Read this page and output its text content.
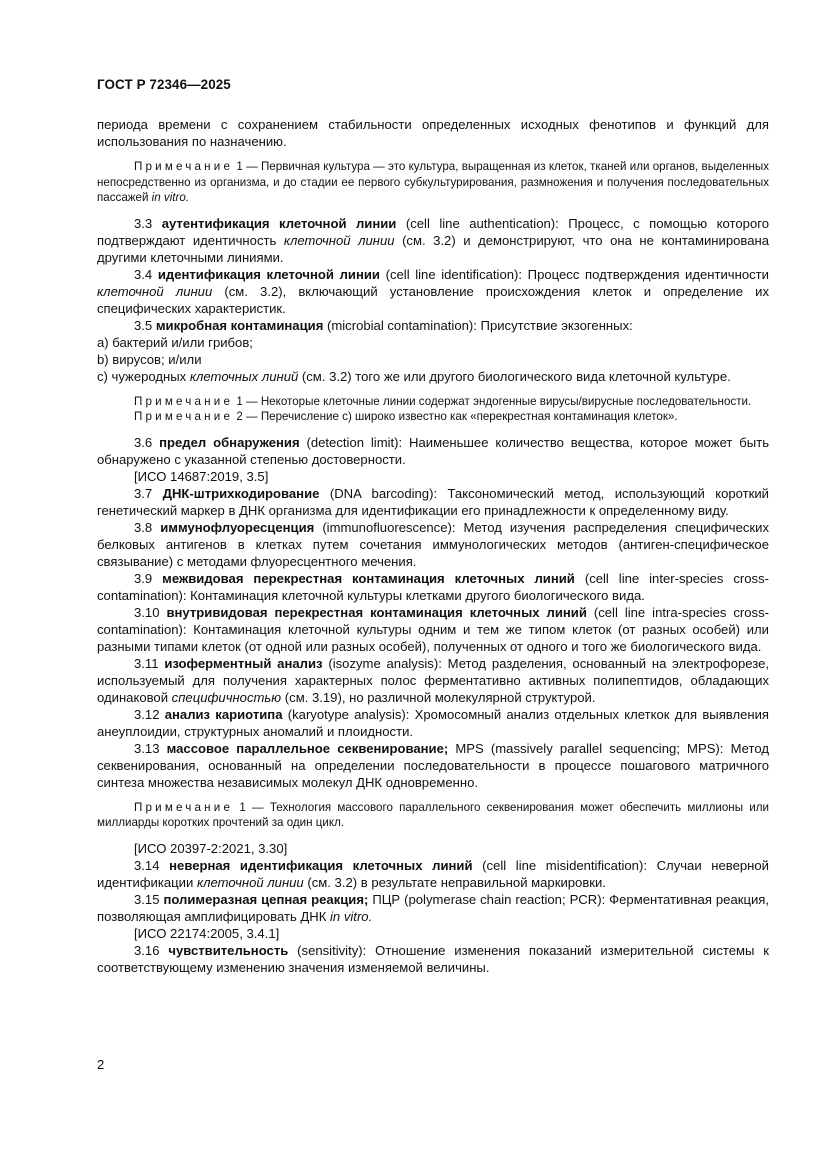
ГОСТ Р 72346—2025

периода времени с сохранением стабильности определенных исходных фенотипов и функций для использования по назначению.

Примечание 1 — Первичная культура — это культура, выращенная из клеток, тканей или органов, выделенных непосредственно из организма, и до стадии ее первого субкультурирования, размножения и получения последовательных пассажей in vitro.

3.3 аутентификация клеточной линии (cell line authentication): Процесс, с помощью которого подтверждают идентичность клеточной линии (см. 3.2) и демонстрируют, что она не контаминирована другими клеточными линиями.

3.4 идентификация клеточной линии (cell line identification): Процесс подтверждения идентичности клеточной линии (см. 3.2), включающий установление происхождения клеток и определение их специфических характеристик.

3.5 микробная контаминация (microbial contamination): Присутствие экзогенных:

a) бактерий и/или грибов;

b) вирусов; и/или

c) чужеродных клеточных линий (см. 3.2) того же или другого биологического вида клеточной культуре.

Примечание 1 — Некоторые клеточные линии содержат эндогенные вирусы/вирусные последовательности.

Примечание 2 — Перечисление c) широко известно как «перекрестная контаминация клеток».

3.6 предел обнаружения (detection limit): Наименьшее количество вещества, которое может быть обнаружено с указанной степенью достоверности.

[ИСО 14687:2019, 3.5]

3.7 ДНК-штрихкодирование (DNA barcoding): Таксономический метод, использующий короткий генетический маркер в ДНК организма для идентификации его принадлежности к определенному виду.

3.8 иммунофлуоресценция (immunofluorescence): Метод изучения распределения специфических белковых антигенов в клетках путем сочетания иммунологических методов (антиген-специфическое связывание) с методами флуоресцентного мечения.

3.9 межвидовая перекрестная контаминация клеточных линий (cell line inter-species cross-contamination): Контаминация клеточной культуры клетками другого биологического вида.

3.10 внутривидовая перекрестная контаминация клеточных линий (cell line intra-species cross-contamination): Контаминация клеточной культуры одним и тем же типом клеток (от разных особей) или разными типами клеток (от одной или разных особей), полученных от одного и того же биологического вида.

3.11 изоферментный анализ (isozyme analysis): Метод разделения, основанный на электрофорезе, используемый для получения характерных полос ферментативно активных полипептидов, обладающих одинаковой специфичностью (см. 3.19), но различной молекулярной структурой.

3.12 анализ кариотипа (karyotype analysis): Хромосомный анализ отдельных клеткок для выявления анеуплоидии, структурных аномалий и плоидности.

3.13 массовое параллельное секвенирование; MPS (massively parallel sequencing; MPS): Метод секвенирования, основанный на определении последовательности в процессе пошагового матричного синтеза множества независимых молекул ДНК одновременно.

Примечание 1 — Технология массового параллельного секвенирования может обеспечить миллионы или миллиарды коротких прочтений за один цикл.

[ИСО 20397-2:2021, 3.30]

3.14 неверная идентификация клеточных линий (cell line misidentification): Случаи неверной идентификации клеточной линии (см. 3.2) в результате неправильной маркировки.

3.15 полимеразная цепная реакция; ПЦР (polymerase chain reaction; PCR): Ферментативная реакция, позволяющая амплифицировать ДНК in vitro.

[ИСО 22174:2005, 3.4.1]

3.16 чувствительность (sensitivity): Отношение изменения показаний измерительной системы к соответствующему изменению значения изменяемой величины.

2
